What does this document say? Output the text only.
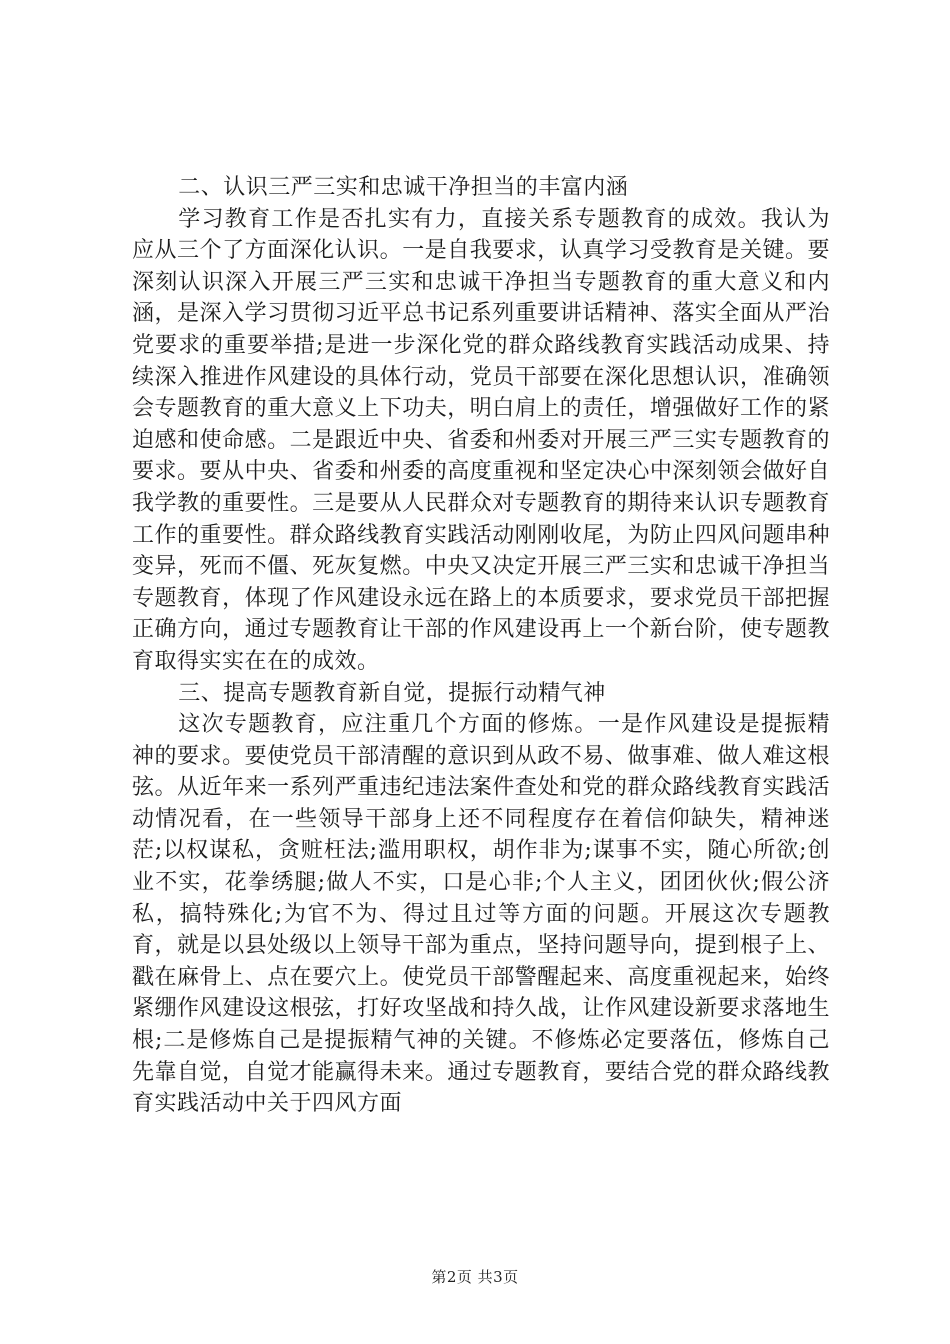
二、认识三严三实和忠诚干净担当的丰富内涵

学习教育工作是否扎实有力，直接关系专题教育的成效。我认为应从三个了方面深化认识。一是自我要求，认真学习受教育是关键。要深刻认识深入开展三严三实和忠诚干净担当专题教育的重大意义和内涵，是深入学习贯彻习近平总书记系列重要讲话精神、落实全面从严治党要求的重要举措;是进一步深化党的群众路线教育实践活动成果、持续深入推进作风建设的具体行动，党员干部要在深化思想认识，准确领会专题教育的重大意义上下功夫，明白肩上的责任，增强做好工作的紧迫感和使命感。二是跟近中央、省委和州委对开展三严三实专题教育的要求。要从中央、省委和州委的高度重视和坚定决心中深刻领会做好自我学教的重要性。三是要从人民群众对专题教育的期待来认识专题教育工作的重要性。群众路线教育实践活动刚刚收尾，为防止四风问题串种变异，死而不僵、死灰复燃。中央又决定开展三严三实和忠诚干净担当专题教育，体现了作风建设永远在路上的本质要求，要求党员干部把握正确方向，通过专题教育让干部的作风建设再上一个新台阶，使专题教育取得实实在在的成效。

三、提高专题教育新自觉，提振行动精气神

这次专题教育，应注重几个方面的修炼。一是作风建设是提振精神的要求。要使党员干部清醒的意识到从政不易、做事难、做人难这根弦。从近年来一系列严重违纪违法案件查处和党的群众路线教育实践活动情况看，在一些领导干部身上还不同程度存在着信仰缺失，精神迷茫;以权谋私，贪赃枉法;滥用职权，胡作非为;谋事不实，随心所欲;创业不实，花拳绣腿;做人不实，口是心非;个人主义，团团伙伙;假公济私，搞特殊化;为官不为、得过且过等方面的问题。开展这次专题教育，就是以县处级以上领导干部为重点，坚持问题导向，提到根子上、戳在麻骨上、点在要穴上。使党员干部警醒起来、高度重视起来，始终紧绷作风建设这根弦，打好攻坚战和持久战，让作风建设新要求落地生根;二是修炼自己是提振精气神的关键。不修炼必定要落伍，修炼自己先靠自觉，自觉才能赢得未来。通过专题教育，要结合党的群众路线教育实践活动中关于四风方面

第2页 共3页
